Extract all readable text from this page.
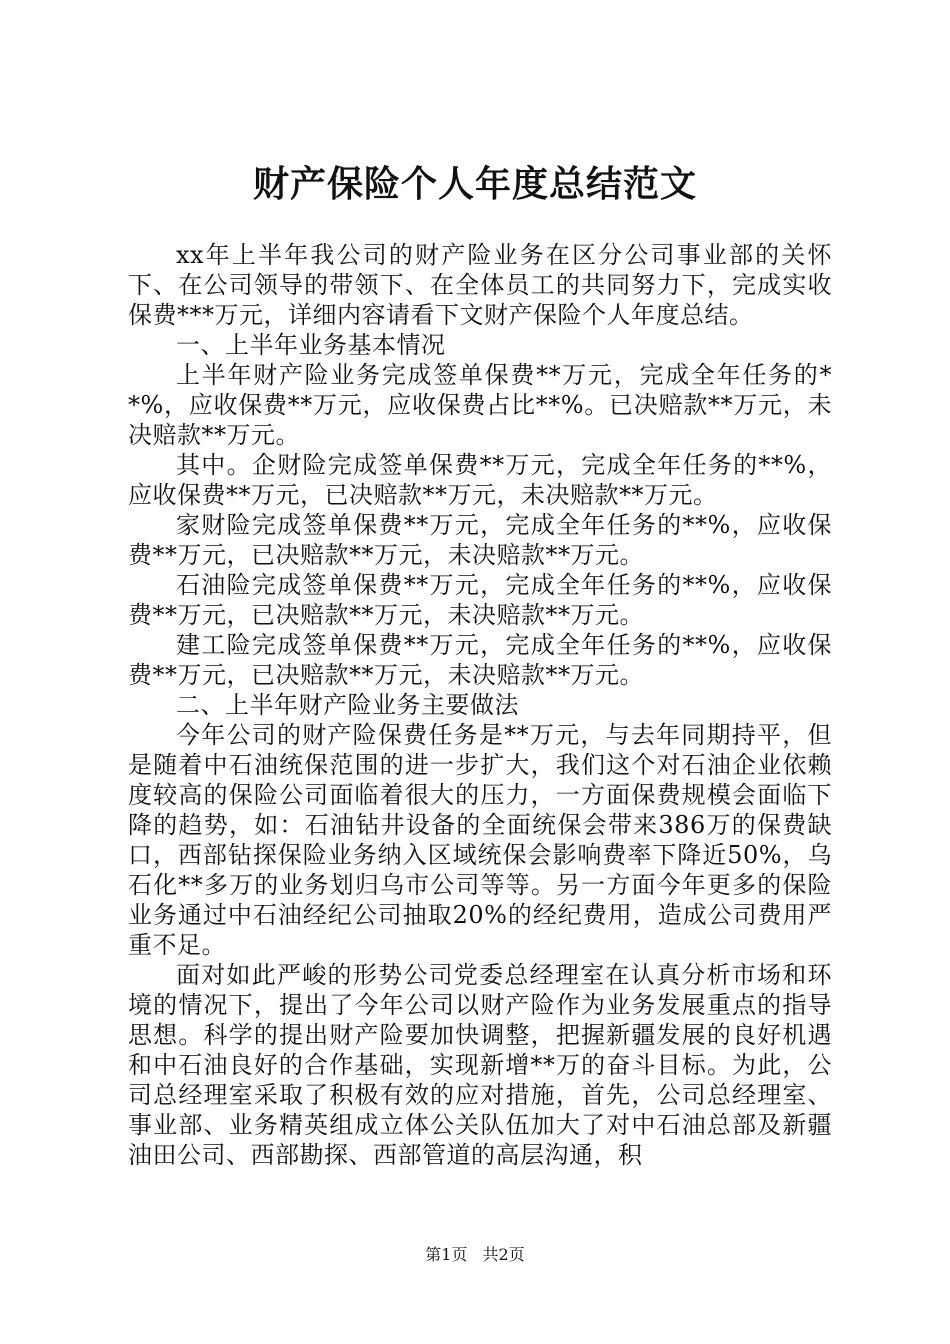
财产保险个人年度总结范文

xx年上半年我公司的财产险业务在区分公司事业部的关怀下、在公司领导的带领下、在全体员工的共同努力下，完成实收保费***万元，详细内容请看下文财产保险个人年度总结。

一、上半年业务基本情况

上半年财产险业务完成签单保费**万元，完成全年任务的**%，应收保费**万元，应收保费占比**%。已决赔款**万元，未决赔款**万元。

其中。企财险完成签单保费**万元，完成全年任务的**%，应收保费**万元，已决赔款**万元，未决赔款**万元。

家财险完成签单保费**万元，完成全年任务的**%，应收保费**万元，已决赔款**万元，未决赔款**万元。

石油险完成签单保费**万元，完成全年任务的**%，应收保费**万元，已决赔款**万元，未决赔款**万元。

建工险完成签单保费**万元，完成全年任务的**%，应收保费**万元，已决赔款**万元，未决赔款**万元。

二、上半年财产险业务主要做法

今年公司的财产险保费任务是**万元，与去年同期持平，但是随着中石油统保范围的进一步扩大，我们这个对石油企业依赖度较高的保险公司面临着很大的压力，一方面保费规模会面临下降的趋势，如：石油钻井设备的全面统保会带来386万的保费缺口，西部钻探保险业务纳入区域统保会影响费率下降近50%，乌石化**多万的业务划归乌市公司等等。另一方面今年更多的保险业务通过中石油经纪公司抽取20%的经纪费用，造成公司费用严重不足。

面对如此严峻的形势公司党委总经理室在认真分析市场和环境的情况下，提出了今年公司以财产险作为业务发展重点的指导思想。科学的提出财产险要加快调整，把握新疆发展的良好机遇和中石油良好的合作基础，实现新增**万的奋斗目标。为此，公司总经理室采取了积极有效的应对措施，首先，公司总经理室、事业部、业务精英组成立体公关队伍加大了对中石油总部及新疆油田公司、西部勘探、西部管道的高层沟通，积

第1页 共2页
